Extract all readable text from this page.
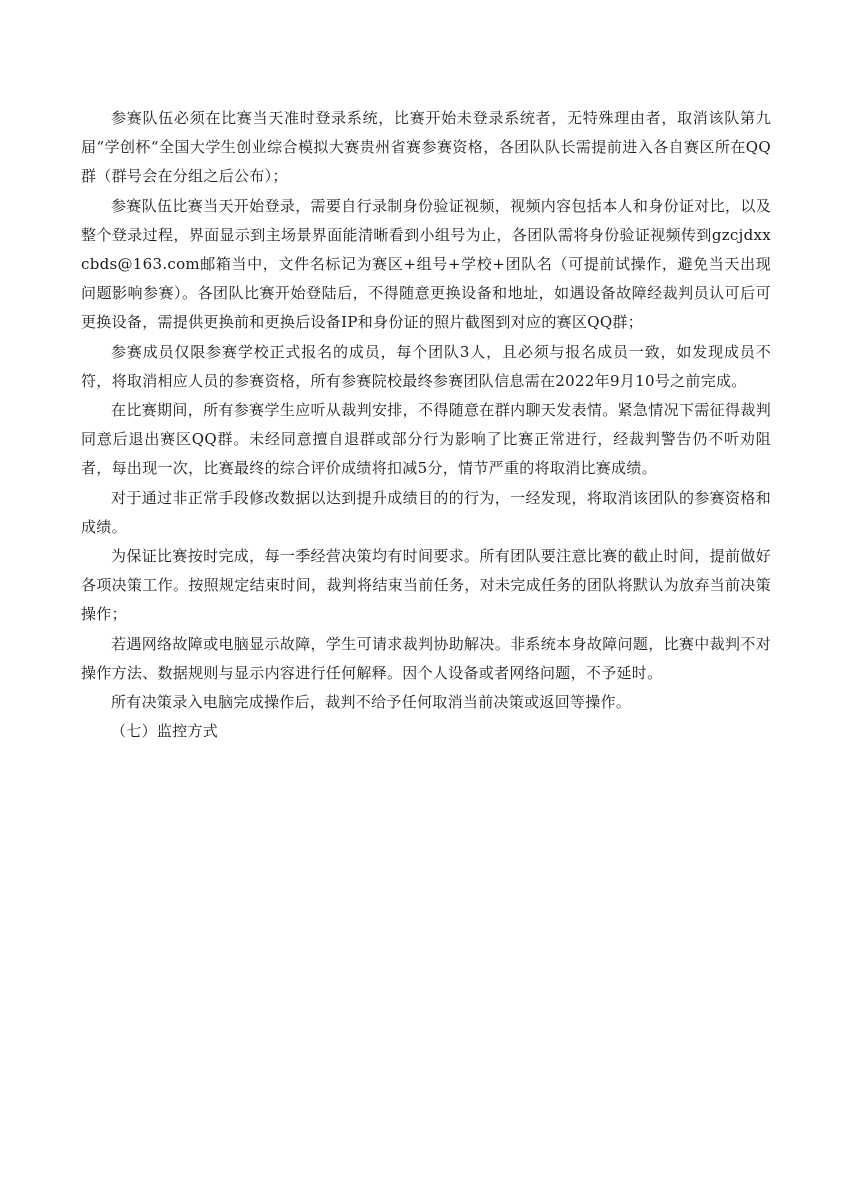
参赛队伍必须在比赛当天准时登录系统，比赛开始未登录系统者，无特殊理由者，取消该队第九届“学创杯“全国大学生创业综合模拟大赛贵州省赛参赛资格，各团队队长需提前进入各自赛区所在QQ群（群号会在分组之后公布）；

参赛队伍比赛当天开始登录，需要自行录制身份验证视频，视频内容包括本人和身份证对比，以及整个登录过程，界面显示到主场景界面能清晰看到小组号为止，各团队需将身份验证视频传到gzcjdxxcbds@163.com邮箱当中，文件名标记为赛区+组号+学校+团队名（可提前试操作，避免当天出现问题影响参赛）。各团队比赛开始登陆后，不得随意更换设备和地址，如遇设备故障经裁判员认可后可更换设备，需提供更换前和更换后设备IP和身份证的照片截图到对应的赛区QQ群；

参赛成员仅限参赛学校正式报名的成员，每个团队3人，且必须与报名成员一致，如发现成员不符，将取消相应人员的参赛资格，所有参赛院校最终参赛团队信息需在2022年9月10号之前完成。

在比赛期间，所有参赛学生应听从裁判安排，不得随意在群内聊天发表情。紧急情况下需征得裁判同意后退出赛区QQ群。未经同意擅自退群或部分行为影响了比赛正常进行，经裁判警告仍不听劝阻者，每出现一次，比赛最终的综合评价成绩将扣减5分，情节严重的将取消比赛成绩。

对于通过非正常手段修改数据以达到提升成绩目的的行为，一经发现，将取消该团队的参赛资格和成绩。

为保证比赛按时完成，每一季经营决策均有时间要求。所有团队要注意比赛的截止时间，提前做好各项决策工作。按照规定结束时间，裁判将结束当前任务，对未完成任务的团队将默认为放弃当前决策操作；

若遇网络故障或电脑显示故障，学生可请求裁判协助解决。非系统本身故障问题，比赛中裁判不对操作方法、数据规则与显示内容进行任何解释。因个人设备或者网络问题，不予延时。

所有决策录入电脑完成操作后，裁判不给予任何取消当前决策或返回等操作。

（七）监控方式
